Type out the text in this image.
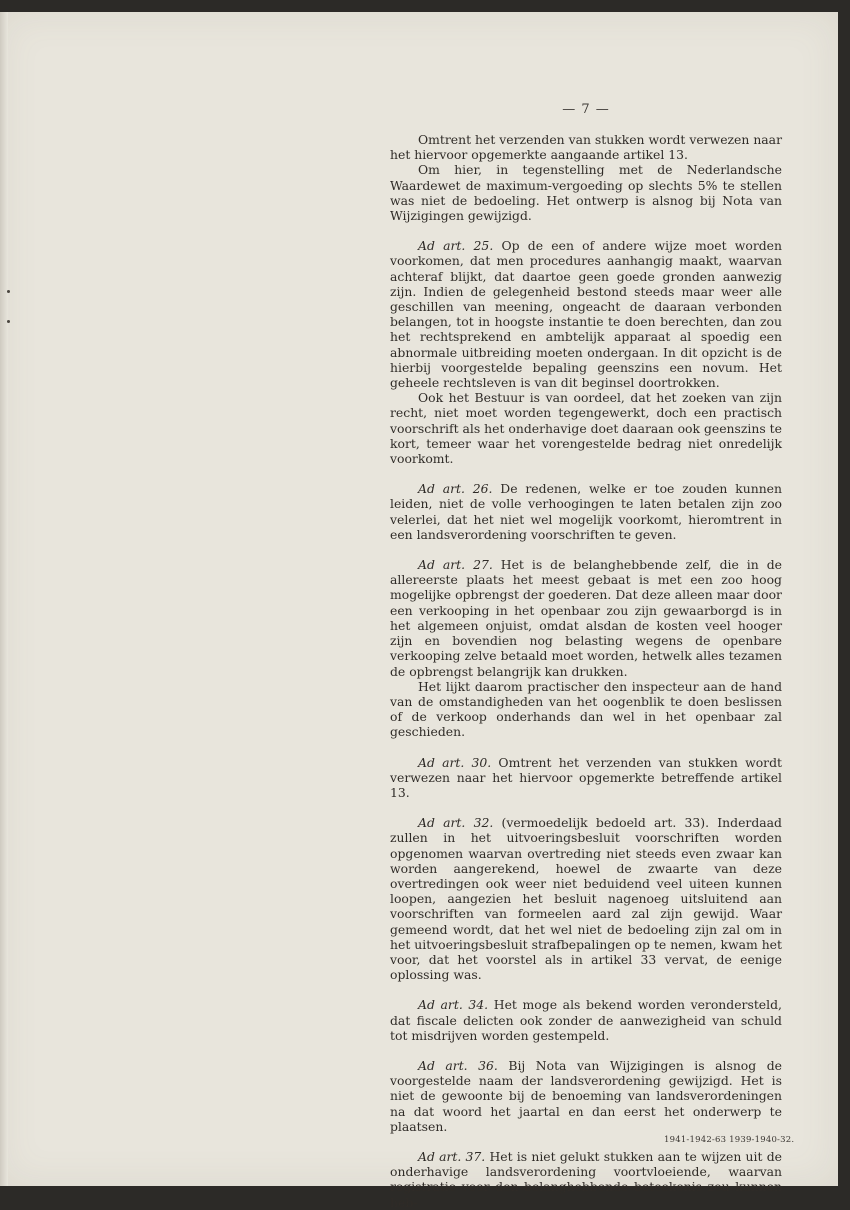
— 7 —

Omtrent het verzenden van stukken wordt verwezen naar het hiervoor opgemerkte aangaande artikel 13.

Om hier, in tegenstelling met de Nederlandsche Waardewet de maximum-vergoeding op slechts 5% te stellen was niet de bedoeling. Het ontwerp is alsnog bij Nota van Wijzigingen gewijzigd.

Ad art. 25. Op de een of andere wijze moet worden voorkomen, dat men procedures aanhangig maakt, waarvan achteraf blijkt, dat daartoe geen goede gronden aanwezig zijn. Indien de gelegenheid bestond steeds maar weer alle geschillen van meening, ongeacht de daaraan verbonden belangen, tot in hoogste instantie te doen berechten, dan zou het rechtsprekend en ambtelijk apparaat al spoedig een abnormale uitbreiding moeten ondergaan. In dit opzicht is de hierbij voorgestelde bepaling geenszins een novum. Het geheele rechtsleven is van dit beginsel doortrokken.

Ook het Bestuur is van oordeel, dat het zoeken van zijn recht, niet moet worden tegengewerkt, doch een practisch voorschrift als het onderhavige doet daaraan ook geenszins te kort, temeer waar het vorengestelde bedrag niet onredelijk voorkomt.

Ad art. 26. De redenen, welke er toe zouden kunnen leiden, niet de volle verhoogingen te laten betalen zijn zoo velerlei, dat het niet wel mogelijk voorkomt, hieromtrent in een landsverordening voorschriften te geven.

Ad art. 27. Het is de belanghebbende zelf, die in de allereerste plaats het meest gebaat is met een zoo hoog mogelijke opbrengst der goederen. Dat deze alleen maar door een verkooping in het openbaar zou zijn gewaarborgd is in het algemeen onjuist, omdat alsdan de kosten veel hooger zijn en bovendien nog belasting wegens de openbare verkooping zelve betaald moet worden, hetwelk alles tezamen de opbrengst belangrijk kan drukken.

Het lijkt daarom practischer den inspecteur aan de hand van de omstandigheden van het oogenblik te doen beslissen of de verkoop onderhands dan wel in het openbaar zal geschieden.

Ad art. 30. Omtrent het verzenden van stukken wordt verwezen naar het hiervoor opgemerkte betreffende artikel 13.

Ad art. 32. (vermoedelijk bedoeld art. 33). Inderdaad zullen in het uitvoeringsbesluit voorschriften worden opgenomen waarvan overtreding niet steeds even zwaar kan worden aangerekend, hoewel de zwaarte van deze overtredingen ook weer niet beduidend veel uiteen kunnen loopen, aangezien het besluit nagenoeg uitsluitend aan voorschriften van formeelen aard zal zijn gewijd. Waar gemeend wordt, dat het wel niet de bedoeling zijn zal om in het uitvoeringsbesluit strafbepalingen op te nemen, kwam het voor, dat het voorstel als in artikel 33 vervat, de eenige oplossing was.

Ad art. 34. Het moge als bekend worden verondersteld, dat fiscale delicten ook zonder de aanwezigheid van schuld tot misdrijven worden gestempeld.

Ad art. 36. Bij Nota van Wijzigingen is alsnog de voorgestelde naam der landsverordening gewijzigd. Het is niet de gewoonte bij de benoeming van landsverordeningen na dat woord het jaartal en dan eerst het onderwerp te plaatsen.

Ad art. 37. Het is niet gelukt stukken aan te wijzen uit de onderhavige landsverordening voortvloeiende, waarvan registratie voor den belanghebbende beteekenis zou kunnen heb-

1941-1942-63 1939-1940-32.
